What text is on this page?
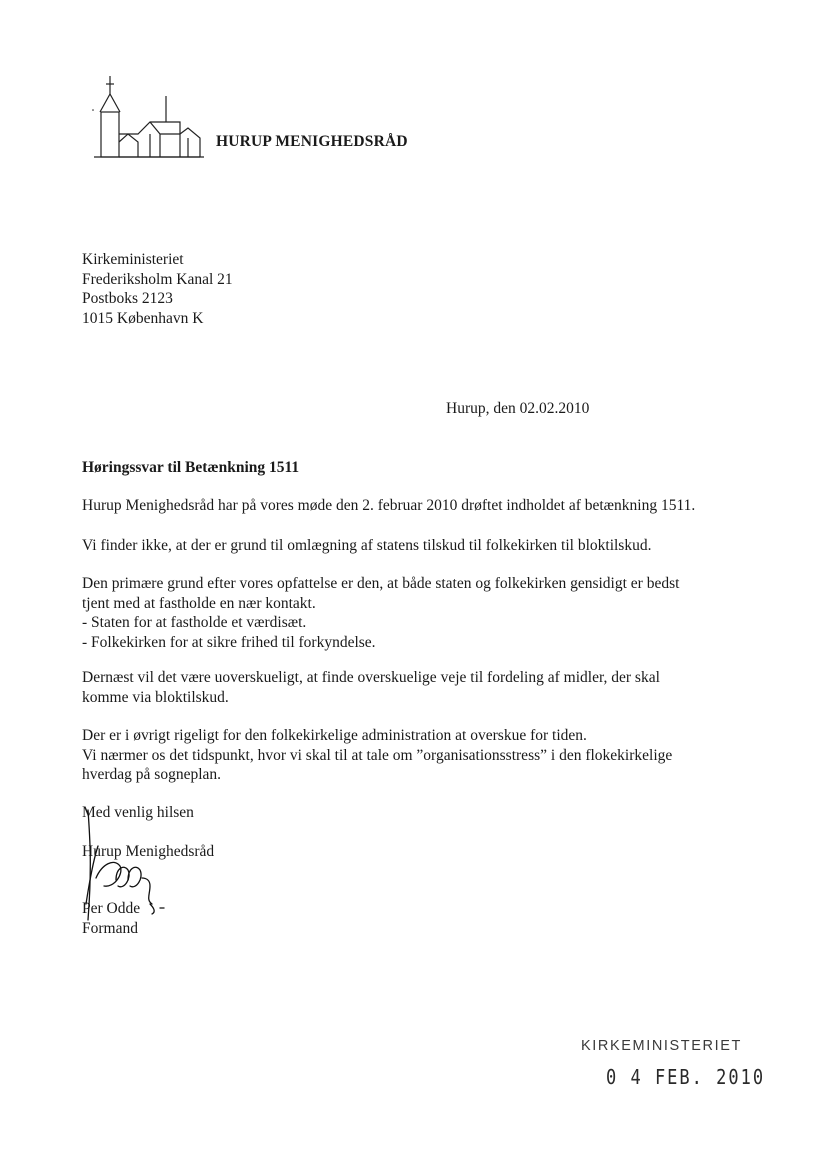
HURUP MENIGHEDSRÅD

Kirkeministeriet
Frederiksholm Kanal 21
Postboks 2123
1015 København K

Hurup, den 02.02.2010

Høringssvar til Betænkning 1511

Hurup Menighedsråd har på vores møde den 2. februar 2010 drøftet indholdet af betænkning 1511.
Vi finder ikke, at der er grund til omlægning af statens tilskud til folkekirken til bloktilskud.
Den primære grund efter vores opfattelse er den, at både staten og folkekirken gensidigt er bedst
tjent med at fastholde en nær kontakt.
- Staten for at fastholde et værdisæt.
- Folkekirken for at sikre frihed til forkyndelse.
Dernæst vil det være uoverskueligt, at finde overskuelige veje til fordeling af midler, der skal
komme via bloktilskud.
Der er i øvrigt rigeligt for den folkekirkelige administration at overskue for tiden.
Vi nærmer os det tidspunkt, hvor vi skal til at tale om ”organisationsstress” i den flokekirkelige
hverdag på sogneplan.

Med venlig hilsen

Hurup Menighedsråd

Per Odde

Formand

KIRKEMINISTERIET

0 4 FEB. 2010
